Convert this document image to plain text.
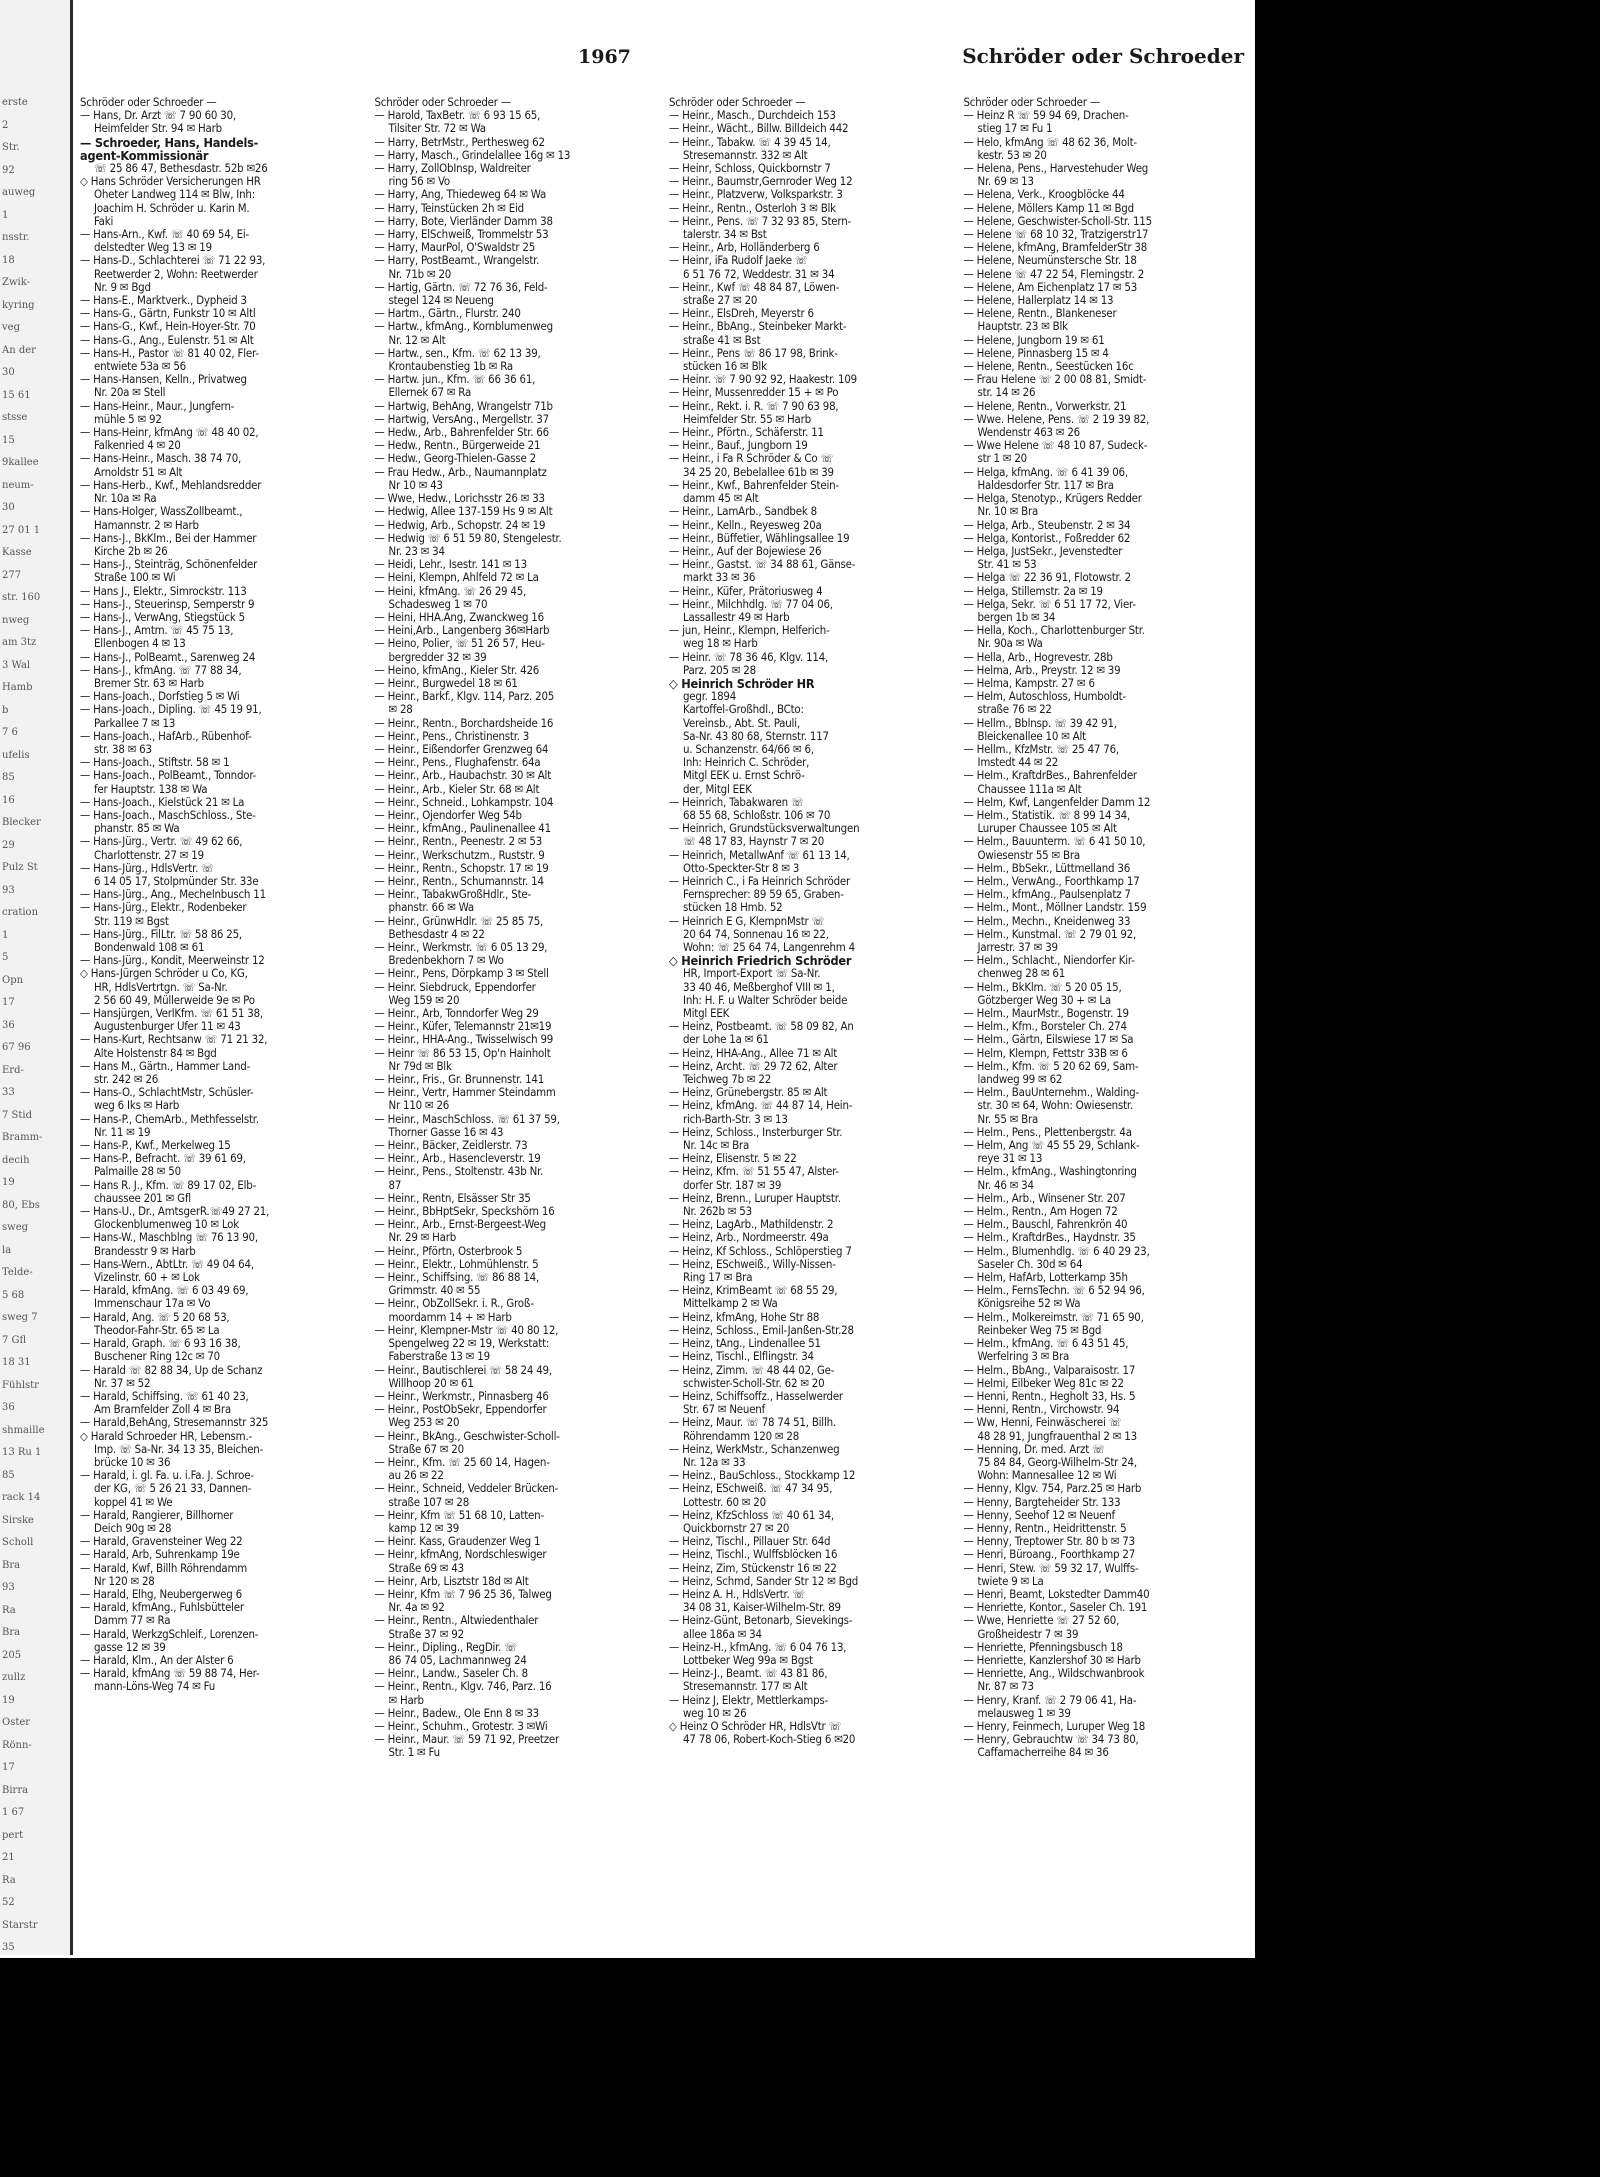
erste
2
Str.
92
auweg
1
nsstr.
18
Zwik-
kyring
veg
An der
30
15 61
stsse
15
9kallee
neum-
30
27 01 1
Kasse
277
str. 160
nweg
am 3tz
3 Wal
Hamb
b
7 6
ufelis
85
16
Blecker
29
Pulz St
93
cration
1
5
Opn
17
36
67 96
Erd-
33
7 Stid
Bramm-
decih
19
80, Ebs
sweg
la
Telde-
5 68
sweg 7
7 Gfl
18 31
Fühlstr
36
shmaille
13 Ru 1
85
rack 14
Sirske
Scholl
Bra
93
Ra
Bra
205
zullz
19
Oster
Rönn-
17
Birra
1 67
pert
21
Ra
52
Starstr
35
1967	Schröder oder Schroeder
Schröder oder Schroeder —
— Hans, Dr. Arzt ☏ 7 90 60 30,
Heimfelder Str. 94 ✉ Harb
— Schroeder, Hans, Handels-
agent-Kommissionär
☏ 25 86 47, Bethesdastr. 52b ✉26
◇ Hans Schröder Versicherungen HR
Oheter Landweg 114 ✉ Blw, Inh:
Joachim H. Schröder u. Karin M.
Faki
— Hans-Arn., Kwf. ☏ 40 69 54, Ei-
delstedter Weg 13 ✉ 19
— Hans-D., Schlachterei ☏ 71 22 93,
Reetwerder 2, Wohn: Reetwerder
Nr. 9 ✉ Bgd
— Hans-E., Marktverk., Dypheid 3
— Hans-G., Gärtn, Funkstr 10 ✉ Altl
— Hans-G., Kwf., Hein-Hoyer-Str. 70
— Hans-G., Ang., Eulenstr. 51 ✉ Alt
— Hans-H., Pastor ☏ 81 40 02, Fler-
entwiete 53a ✉ 56
— Hans-Hansen, Kelln., Privatweg
Nr. 20a ✉ Stell
— Hans-Heinr., Maur., Jungfern-
mühle 5 ✉ 92
— Hans-Heinr, kfmAng ☏ 48 40 02,
Falkenried 4 ✉ 20
— Hans-Heinr., Masch. 38 74 70,
Arnoldstr 51 ✉ Alt
— Hans-Herb., Kwf., Mehlandsredder
Nr. 10a ✉ Ra
— Hans-Holger, WassZollbeamt.,
Hamannstr. 2 ✉ Harb
— Hans-J., BkKlm., Bei der Hammer
Kirche 2b ✉ 26
— Hans-J., Steinträg, Schönenfelder
Straße 100 ✉ Wi
— Hans J., Elektr., Simrockstr. 113
— Hans-J., Steuerinsp, Semperstr 9
— Hans-J., VerwAng, Stiegstück 5
— Hans-J., Amtm. ☏ 45 75 13,
Ellenbogen 4 ✉ 13
— Hans-J., PolBeamt., Sarenweg 24
— Hans-J., kfmAng. ☏ 77 88 34,
Bremer Str. 63 ✉ Harb
— Hans-Joach., Dorfstieg 5 ✉ Wi
— Hans-Joach., Dipling. ☏ 45 19 91,
Parkallee 7 ✉ 13
— Hans-Joach., HafArb., Rübenhof-
str. 38 ✉ 63
— Hans-Joach., Stiftstr. 58 ✉ 1
— Hans-Joach., PolBeamt., Tonndor-
fer Hauptstr. 138 ✉ Wa
— Hans-Joach., Kielstück 21 ✉ La
— Hans-Joach., MaschSchloss., Ste-
phanstr. 85 ✉ Wa
— Hans-Jürg., Vertr. ☏ 49 62 66,
Charlottenstr. 27 ✉ 19
— Hans-Jürg., HdlsVertr. ☏
6 14 05 17, Stolpmünder Str. 33e
— Hans-Jürg., Ang., Mechelnbusch 11
— Hans-Jürg., Elektr., Rodenbeker
Str. 119 ✉ Bgst
— Hans-Jürg., FilLtr. ☏ 58 86 25,
Bondenwald 108 ✉ 61
— Hans-Jürg., Kondit, Meerweinstr 12
◇ Hans-Jürgen Schröder u Co, KG,
HR, HdlsVertrtgn. ☏ Sa-Nr.
2 56 60 49, Müllerweide 9e ✉ Po
— Hansjürgen, VerlKfm. ☏ 61 51 38,
Augustenburger Ufer 11 ✉ 43
— Hans-Kurt, Rechtsanw ☏ 71 21 32,
Alte Holstenstr 84 ✉ Bgd
— Hans M., Gärtn., Hammer Land-
str. 242 ✉ 26
— Hans-O., SchlachtMstr, Schüsler-
weg 6 Iks ✉ Harb
— Hans-P., ChemArb., Methfesselstr.
Nr. 11 ✉ 19
— Hans-P., Kwf., Merkelweg 15
— Hans-P., Befracht. ☏ 39 61 69,
Palmaille 28 ✉ 50
— Hans R. J., Kfm. ☏ 89 17 02, Elb-
chaussee 201 ✉ Gfl
— Hans-U., Dr., AmtsgerR.☏49 27 21,
Glockenblumenweg 10 ✉ Lok
— Hans-W., Maschblng ☏ 76 13 90,
Brandesstr 9 ✉ Harb
— Hans-Wern., AbtLtr. ☏ 49 04 64,
Vizelinstr. 60 + ✉ Lok
— Harald, kfmAng. ☏ 6 03 49 69,
Immenschaur 17a ✉ Vo
— Harald, Ang. ☏ 5 20 68 53,
Theodor-Fahr-Str. 65 ✉ La
— Harald, Graph. ☏ 6 93 16 38,
Buschener Ring 12c ✉ 70
— Harald ☏ 82 88 34, Up de Schanz
Nr. 37 ✉ 52
— Harald, Schiffsing. ☏ 61 40 23,
Am Bramfelder Zoll 4 ✉ Bra
— Harald,BehAng, Stresemannstr 325
◇ Harald Schroeder HR, Lebensm.-
Imp. ☏ Sa-Nr. 34 13 35, Bleichen-
brücke 10 ✉ 36
— Harald, i. gl. Fa. u. i.Fa. J. Schroe-
der KG, ☏ 5 26 21 33, Dannen-
koppel 41 ✉ We
— Harald, Rangierer, Billhorner
Deich 90g ✉ 28
— Harald, Gravensteiner Weg 22
— Harald, Arb, Suhrenkamp 19e
— Harald, Kwf, Billh Röhrendamm
Nr 120 ✉ 28
— Harald, Elhg, Neubergerweg 6
— Harald, kfmAng., Fuhlsbütteler
Damm 77 ✉ Ra
— Harald, WerkzgSchleif., Lorenzen-
gasse 12 ✉ 39
— Harald, Klm., An der Alster 6
— Harald, kfmAng ☏ 59 88 74, Her-
mann-Löns-Weg 74 ✉ Fu
Schröder oder Schroeder —
— Harold, TaxBetr. ☏ 6 93 15 65,
Tilsiter Str. 72 ✉ Wa
— Harry, BetrMstr., Perthesweg 62
— Harry, Masch., Grindelallee 16g ✉ 13
— Harry, ZollObInsp, Waldreiter
ring 56 ✉ Vo
— Harry, Ang, Thiedeweg 64 ✉ Wa
— Harry, Teinstücken 2h ✉ Eid
— Harry, Bote, Vierländer Damm 38
— Harry, ElSchweiß, Trommelstr 53
— Harry, MaurPol, O'Swaldstr 25
— Harry, PostBeamt., Wrangelstr.
Nr. 71b ✉ 20
— Hartig, Gärtn. ☏ 72 76 36, Feld-
stegel 124 ✉ Neueng
— Hartm., Gärtn., Flurstr. 240
— Hartw., kfmAng., Kornblumenweg
Nr. 12 ✉ Alt
— Hartw., sen., Kfm. ☏ 62 13 39,
Krontaubenstieg 1b ✉ Ra
— Hartw. jun., Kfm. ☏ 66 36 61,
Ellernek 67 ✉ Ra
— Hartwig, BehAng, Wrangelstr 71b
— Hartwig, VersAng., Mergellstr. 37
— Hedw., Arb., Bahrenfelder Str. 66
— Hedw., Rentn., Bürgerweide 21
— Hedw., Georg-Thielen-Gasse 2
— Frau Hedw., Arb., Naumannplatz
Nr 10 ✉ 43
— Wwe, Hedw., Lorichsstr 26 ✉ 33
— Hedwig, Allee 137-159 Hs 9 ✉ Alt
— Hedwig, Arb., Schopstr. 24 ✉ 19
— Hedwig ☏ 6 51 59 80, Stengelestr.
Nr. 23 ✉ 34
— Heidi, Lehr., Isestr. 141 ✉ 13
— Heini, Klempn, Ahlfeld 72 ✉ La
— Heini, kfmAng. ☏ 26 29 45,
Schadesweg 1 ✉ 70
— Heini, HHA.Ang, Zwanckweg 16
— Heini,Arb., Langenberg 36✉Harb
— Heino, Polier, ☏ 51 26 57, Heu-
bergredder 32 ✉ 39
— Heino, kfmAng., Kieler Str. 426
— Heinr., Burgwedel 18 ✉ 61
— Heinr., Barkf., Klgv. 114, Parz. 205
✉ 28
— Heinr., Rentn., Borchardsheide 16
— Heinr., Pens., Christinenstr. 3
— Heinr., Eißendorfer Grenzweg 64
— Heinr., Pens., Flughafenstr. 64a
— Heinr., Arb., Haubachstr. 30 ✉ Alt
— Heinr., Arb., Kieler Str. 68 ✉ Alt
— Heinr., Schneid., Lohkampstr. 104
— Heinr., Ojendorfer Weg 54b
— Heinr., kfmAng., Paulinenallee 41
— Heinr., Rentn., Peenestr. 2 ✉ 53
— Heinr., Werkschutzm., Ruststr. 9
— Heinr., Rentn., Schopstr. 17 ✉ 19
— Heinr., Rentn., Schumannstr. 14
— Heinr., TabakwGroßHdlr., Ste-
phanstr. 66 ✉ Wa
— Heinr., GrünwHdlr. ☏ 25 85 75,
Bethesdastr 4 ✉ 22
— Heinr., Werkmstr. ☏ 6 05 13 29,
Bredenbekhorn 7 ✉ Wo
— Heinr., Pens, Dörpkamp 3 ✉ Stell
— Heinr. Siebdruck, Eppendorfer
Weg 159 ✉ 20
— Heinr., Arb, Tonndorfer Weg 29
— Heinr., Küfer, Telemannstr 21✉19
— Heinr., HHA-Ang., Twisselwisch 99
— Heinr ☏ 86 53 15, Op'n Hainholt
Nr 79d ✉ Blk
— Heinr., Fris., Gr. Brunnenstr. 141
— Heinr., Vertr, Hammer Steindamm
Nr 110 ✉ 26
— Heinr., MaschSchloss. ☏ 61 37 59,
Thorner Gasse 16 ✉ 43
— Heinr., Bäcker, Zeidlerstr. 73
— Heinr., Arb., Hasencleverstr. 19
— Heinr., Pens., Stoltenstr. 43b Nr.
87
— Heinr., Rentn, Elsässer Str 35
— Heinr., BbHptSekr, Speckshörn 16
— Heinr., Arb., Ernst-Bergeest-Weg
Nr. 29 ✉ Harb
— Heinr., Pförtn, Osterbrook 5
— Heinr., Elektr., Lohmühlenstr. 5
— Heinr., Schiffsing. ☏ 86 88 14,
Grimmstr. 40 ✉ 55
— Heinr., ObZollSekr. i. R., Groß-
moordamm 14 + ✉ Harb
— Heinr, Klempner-Mstr ☏ 40 80 12,
Spengelweg 22 ✉ 19, Werkstatt:
Faberstraße 13 ✉ 19
— Heinr., Bautischlerei ☏ 58 24 49,
Willhoop 20 ✉ 61
— Heinr., Werkmstr., Pinnasberg 46
— Heinr., PostObSekr, Eppendorfer
Weg 253 ✉ 20
— Heinr., BkAng., Geschwister-Scholl-
Straße 67 ✉ 20
— Heinr., Kfm. ☏ 25 60 14, Hagen-
au 26 ✉ 22
— Heinr., Schneid, Veddeler Brücken-
straße 107 ✉ 28
— Heinr, Kfm ☏ 51 68 10, Latten-
kamp 12 ✉ 39
— Heinr. Kass, Graudenzer Weg 1
— Heinr, kfmAng, Nordschleswiger
Straße 69 ✉ 43
— Heinr, Arb, Lisztstr 18d ✉ Alt
— Heinr, Kfm ☏ 7 96 25 36, Talweg
Nr. 4a ✉ 92
— Heinr., Rentn., Altwiedenthaler
Straße 37 ✉ 92
— Heinr., Dipling., RegDir. ☏
86 74 05, Lachmannweg 24
— Heinr., Landw., Saseler Ch. 8
— Heinr., Rentn., Klgv. 746, Parz. 16
✉ Harb
— Heinr., Badew., Ole Enn 8 ✉ 33
— Heinr., Schuhm., Grotestr. 3 ✉Wi
— Heinr., Maur. ☏ 59 71 92, Preetzer
Str. 1 ✉ Fu
Schröder oder Schroeder —
— Heinr., Masch., Durchdeich 153
— Heinr., Wächt., Billw. Billdeich 442
— Heinr., Tabakw. ☏ 4 39 45 14,
Stresemannstr. 332 ✉ Alt
— Heinr, Schloss, Quickbornstr 7
— Heinr., Baumstr,Gernroder Weg 12
— Heinr., Platzverw, Volksparkstr. 3
— Heinr., Rentn., Osterloh 3 ✉ Blk
— Heinr., Pens. ☏ 7 32 93 85, Stern-
talerstr. 34 ✉ Bst
— Heinr., Arb, Holländerberg 6
— Heinr, iFa Rudolf Jaeke ☏
6 51 76 72, Weddestr. 31 ✉ 34
— Heinr., Kwf ☏ 48 84 87, Löwen-
straße 27 ✉ 20
— Heinr., ElsDreh, Meyerstr 6
— Heinr., BbAng., Steinbeker Markt-
straße 41 ✉ Bst
— Heinr., Pens ☏ 86 17 98, Brink-
stücken 16 ✉ Blk
— Heinr. ☏ 7 90 92 92, Haakestr. 109
— Heinr, Mussenredder 15 + ✉ Po
— Heinr., Rekt. i. R. ☏ 7 90 63 98,
Heimfelder Str. 55 ✉ Harb
— Heinr., Pförtn., Schäferstr. 11
— Heinr., Bauf., Jungborn 19
— Heinr., i Fa R Schröder & Co ☏
34 25 20, Bebelallee 61b ✉ 39
— Heinr., Kwf., Bahrenfelder Stein-
damm 45 ✉ Alt
— Heinr., LamArb., Sandbek 8
— Heinr., Kelln., Reyesweg 20a
— Heinr., Büffetier, Wählingsallee 19
— Heinr., Auf der Bojewiese 26
— Heinr., Gastst. ☏ 34 88 61, Gänse-
markt 33 ✉ 36
— Heinr., Küfer, Prätoriusweg 4
— Heinr., Milchhdlg. ☏ 77 04 06,
Lassallestr 49 ✉ Harb
— jun, Heinr., Klempn, Helferich-
weg 18 ✉ Harb
— Heinr. ☏ 78 36 46, Klgv. 114,
Parz. 205 ✉ 28
◇ Heinrich Schröder HR
gegr. 1894
Kartoffel-Großhdl., BCto:
Vereinsb., Abt. St. Pauli,
Sa-Nr. 43 80 68, Sternstr. 117
u. Schanzenstr. 64/66 ✉ 6,
Inh: Heinrich C. Schröder,
Mitgl EEK u. Ernst Schrö-
der, Mitgl EEK
— Heinrich, Tabakwaren ☏
68 55 68, Schloßstr. 106 ✉ 70
— Heinrich, Grundstücksverwaltungen
☏ 48 17 83, Haynstr 7 ✉ 20
— Heinrich, MetallwAnf ☏ 61 13 14,
Otto-Speckter-Str 8 ✉ 3
— Heinrich C., i Fa Heinrich Schröder
Fernsprecher: 89 59 65, Graben-
stücken 18 Hmb. 52
— Heinrich E G, KlempnMstr ☏
20 64 74, Sonnenau 16 ✉ 22,
Wohn: ☏ 25 64 74, Langenrehm 4
◇ Heinrich Friedrich Schröder
HR, Import-Export ☏ Sa-Nr.
33 40 46, Meßberghof VIII ✉ 1,
Inh: H. F. u Walter Schröder beide
Mitgl EEK
— Heinz, Postbeamt. ☏ 58 09 82, An
der Lohe 1a ✉ 61
— Heinz, HHA-Ang., Allee 71 ✉ Alt
— Heinz, Archt. ☏ 29 72 62, Alter
Teichweg 7b ✉ 22
— Heinz, Grünebergstr. 85 ✉ Alt
— Heinz, kfmAng. ☏ 44 87 14, Hein-
rich-Barth-Str. 3 ✉ 13
— Heinz, Schloss., Insterburger Str.
Nr. 14c ✉ Bra
— Heinz, Elisenstr. 5 ✉ 22
— Heinz, Kfm. ☏ 51 55 47, Alster-
dorfer Str. 187 ✉ 39
— Heinz, Brenn., Luruper Hauptstr.
Nr. 262b ✉ 53
— Heinz, LagArb., Mathildenstr. 2
— Heinz, Arb., Nordmeerstr. 49a
— Heinz, Kf Schloss., Schlöperstieg 7
— Heinz, ESchweiß., Willy-Nissen-
Ring 17 ✉ Bra
— Heinz, KrimBeamt ☏ 68 55 29,
Mittelkamp 2 ✉ Wa
— Heinz, kfmAng, Hohe Str 88
— Heinz, Schloss., Emil-Janßen-Str.28
— Heinz, tAng., Lindenallee 51
— Heinz, Tischl., Elflingstr. 34
— Heinz, Zimm. ☏ 48 44 02, Ge-
schwister-Scholl-Str. 62 ✉ 20
— Heinz, Schiffsoffz., Hasselwerder
Str. 67 ✉ Neuenf
— Heinz, Maur. ☏ 78 74 51, Billh.
Röhrendamm 120 ✉ 28
— Heinz, WerkMstr., Schanzenweg
Nr. 12a ✉ 33
— Heinz., BauSchloss., Stockkamp 12
— Heinz, ESchweiß. ☏ 47 34 95,
Lottestr. 60 ✉ 20
— Heinz, KfzSchloss ☏ 40 61 34,
Quickbornstr 27 ✉ 20
— Heinz, Tischl., Pillauer Str. 64d
— Heinz, Tischl., Wulffsblöcken 16
— Heinz, Zim, Stückenstr 16 ✉ 22
— Heinz, Schmd, Sander Str 12 ✉ Bgd
— Heinz A. H., HdlsVertr. ☏
34 08 31, Kaiser-Wilhelm-Str. 89
— Heinz-Günt, Betonarb, Sievekings-
allee 186a ✉ 34
— Heinz-H., kfmAng. ☏ 6 04 76 13,
Lottbeker Weg 99a ✉ Bgst
— Heinz-J., Beamt. ☏ 43 81 86,
Stresemannstr. 177 ✉ Alt
— Heinz J, Elektr, Mettlerkamps-
weg 10 ✉ 26
◇ Heinz O Schröder HR, HdlsVtr ☏
47 78 06, Robert-Koch-Stieg 6 ✉20
Schröder oder Schroeder —
— Heinz R ☏ 59 94 69, Drachen-
stieg 17 ✉ Fu 1
— Helo, kfmAng ☏ 48 62 36, Molt-
kestr. 53 ✉ 20
— Helena, Pens., Harvestehuder Weg
Nr. 69 ✉ 13
— Helena, Verk., Kroogblöcke 44
— Helene, Möllers Kamp 11 ✉ Bgd
— Helene, Geschwister-Scholl-Str. 115
— Helene ☏ 68 10 32, Tratzigerstr17
— Helene, kfmAng, BramfelderStr 38
— Helene, Neumünstersche Str. 18
— Helene ☏ 47 22 54, Flemingstr. 2
— Helene, Am Eichenplatz 17 ✉ 53
— Helene, Hallerplatz 14 ✉ 13
— Helene, Rentn., Blankeneser
Hauptstr. 23 ✉ Blk
— Helene, Jungborn 19 ✉ 61
— Helene, Pinnasberg 15 ✉ 4
— Helene, Rentn., Seestücken 16c
— Frau Helene ☏ 2 00 08 81, Smidt-
str. 14 ✉ 26
— Helene, Rentn., Vorwerkstr. 21
— Wwe. Helene, Pens. ☏ 2 19 39 82,
Wendenstr 463 ✉ 26
— Wwe Helene ☏ 48 10 87, Sudeck-
str 1 ✉ 20
— Helga, kfmAng. ☏ 6 41 39 06,
Haldesdorfer Str. 117 ✉ Bra
— Helga, Stenotyp., Krügers Redder
Nr. 10 ✉ Bra
— Helga, Arb., Steubenstr. 2 ✉ 34
— Helga, Kontorist., Foßredder 62
— Helga, JustSekr., Jevenstedter
Str. 41 ✉ 53
— Helga ☏ 22 36 91, Flotowstr. 2
— Helga, Stillemstr. 2a ✉ 19
— Helga, Sekr. ☏ 6 51 17 72, Vier-
bergen 1b ✉ 34
— Hella, Koch., Charlottenburger Str.
Nr. 90a ✉ Wa
— Hella, Arb., Hogrevestr. 28b
— Helma, Arb., Preystr. 12 ✉ 39
— Helma, Kampstr. 27 ✉ 6
— Helm, Autoschloss, Humboldt-
straße 76 ✉ 22
— Hellm., Bblnsp. ☏ 39 42 91,
Bleickenallee 10 ✉ Alt
— Hellm., KfzMstr. ☏ 25 47 76,
Imstedt 44 ✉ 22
— Helm., KraftdrBes., Bahrenfelder
Chaussee 111a ✉ Alt
— Helm, Kwf, Langenfelder Damm 12
— Helm., Statistik. ☏ 8 99 14 34,
Luruper Chaussee 105 ✉ Alt
— Helm., Bauunterm. ☏ 6 41 50 10,
Owiesenstr 55 ✉ Bra
— Helm., BbSekr., Lüttmelland 36
— Helm., VerwAng., Foorthkamp 17
— Helm., kfmAng., Paulsenplatz 7
— Helm., Mont., Möllner Landstr. 159
— Helm., Mechn., Kneidenweg 33
— Helm., Kunstmal. ☏ 2 79 01 92,
Jarrestr. 37 ✉ 39
— Helm., Schlacht., Niendorfer Kir-
chenweg 28 ✉ 61
— Helm., BkKlm. ☏ 5 20 05 15,
Götzberger Weg 30 + ✉ La
— Helm., MaurMstr., Bogenstr. 19
— Helm., Kfm., Borsteler Ch. 274
— Helm., Gärtn, Eilswiese 17 ✉ Sa
— Helm, Klempn, Fettstr 33B ✉ 6
— Helm., Kfm. ☏ 5 20 62 69, Sam-
landweg 99 ✉ 62
— Helm., BauUnternehm., Walding-
str. 30 ✉ 64, Wohn: Owiesenstr.
Nr. 55 ✉ Bra
— Helm., Pens., Plettenbergstr. 4a
— Helm, Ang ☏ 45 55 29, Schlank-
reye 31 ✉ 13
— Helm., kfmAng., Washingtonring
Nr. 46 ✉ 34
— Helm., Arb., Winsener Str. 207
— Helm., Rentn., Am Hogen 72
— Helm., Bauschl, Fahrenkrön 40
— Helm., KraftdrBes., Haydnstr. 35
— Helm., Blumenhdlg. ☏ 6 40 29 23,
Saseler Ch. 30d ✉ 64
— Helm, HafArb, Lotterkamp 35h
— Helm., FernsTechn. ☏ 6 52 94 96,
Königsreihe 52 ✉ Wa
— Helm., Molkereimstr. ☏ 71 65 90,
Reinbeker Weg 75 ✉ Bgd
— Helm., kfmAng. ☏ 6 43 51 45,
Werfelring 3 ✉ Bra
— Helm., BbAng., Valparaisostr. 17
— Helmi, Eilbeker Weg 81c ✉ 22
— Henni, Rentn., Hegholt 33, Hs. 5
— Henni, Rentn., Virchowstr. 94
— Ww, Henni, Feinwäscherei ☏
48 28 91, Jungfrauenthal 2 ✉ 13
— Henning, Dr. med. Arzt ☏
75 84 84, Georg-Wilhelm-Str 24,
Wohn: Mannesallee 12 ✉ Wi
— Henny, Klgv. 754, Parz.25 ✉ Harb
— Henny, Bargteheider Str. 133
— Henny, Seehof 12 ✉ Neuenf
— Henny, Rentn., Heidrittenstr. 5
— Henny, Treptower Str. 80 b ✉ 73
— Henri, Büroang., Foorthkamp 27
— Henri, Stew. ☏ 59 32 17, Wulffs-
twiete 9 ✉ La
— Henri, Beamt, Lokstedter Damm40
— Henriette, Kontor., Saseler Ch. 191
— Wwe, Henriette ☏ 27 52 60,
Großheidestr 7 ✉ 39
— Henriette, Pfenningsbusch 18
— Henriette, Kanzlershof 30 ✉ Harb
— Henriette, Ang., Wildschwanbrook
Nr. 87 ✉ 73
— Henry, Kranf. ☏ 2 79 06 41, Ha-
melausweg 1 ✉ 39
— Henry, Feinmech, Luruper Weg 18
— Henry, Gebrauchtw ☏ 34 73 80,
Caffamacherreihe 84 ✉ 36
